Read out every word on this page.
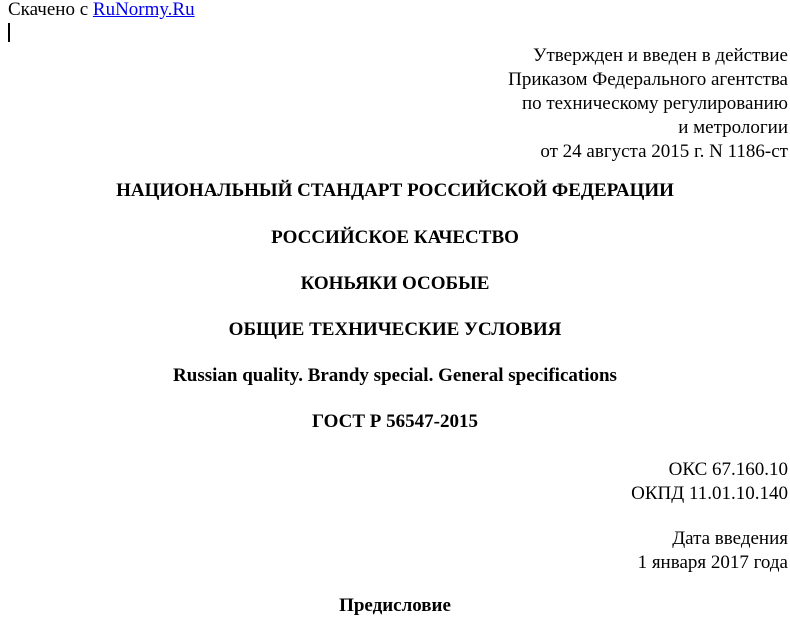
Скачено с RuNormy.Ru
Утвержден и введен в действие
Приказом Федерального агентства
по техническому регулированию
и метрологии
от 24 августа 2015 г. N 1186-ст
НАЦИОНАЛЬНЫЙ СТАНДАРТ РОССИЙСКОЙ ФЕДЕРАЦИИ
РОССИЙСКОЕ КАЧЕСТВО
КОНЬЯКИ ОСОБЫЕ
ОБЩИЕ ТЕХНИЧЕСКИЕ УСЛОВИЯ
Russian quality. Brandy special. General specifications
ГОСТ Р 56547-2015
ОКС 67.160.10
ОКПД 11.01.10.140
Дата введения
1 января 2017 года
Предисловие
